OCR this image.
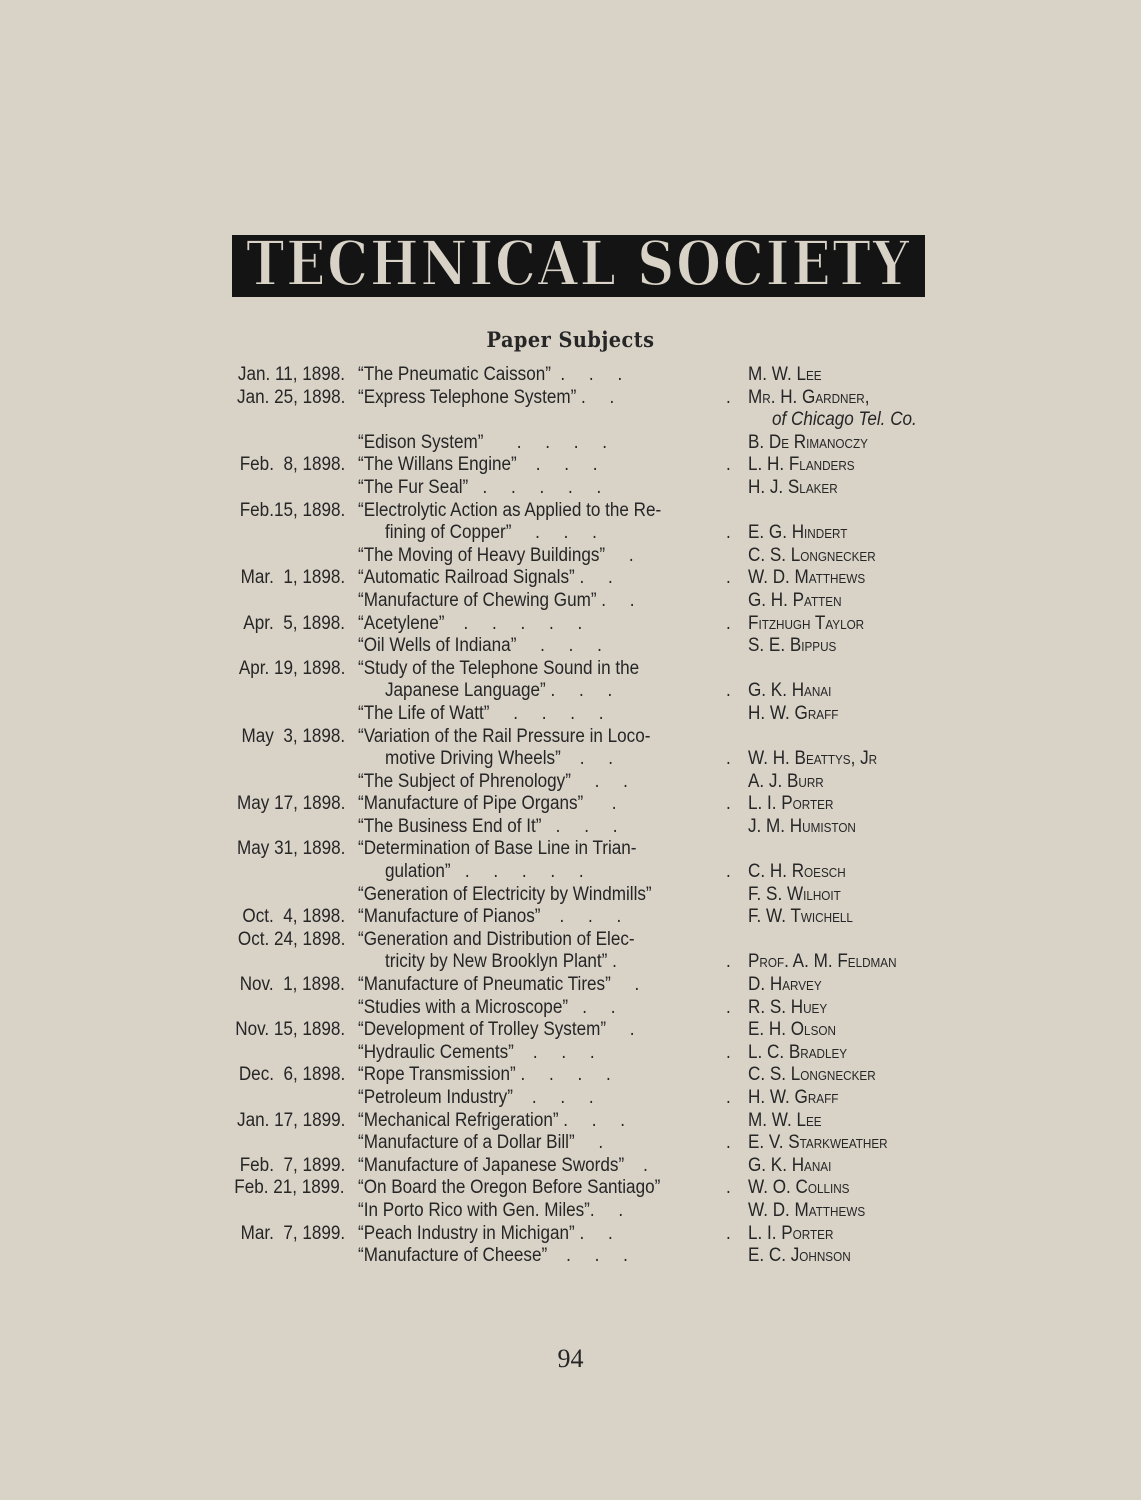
TECHNICAL SOCIETY
Paper Subjects
Jan. 11, 1898. “The Pneumatic Caisson”  .     .     .	M. W. Lee
Jan. 25, 1898. “Express Telephone System” .     .	. Mr. H. Gardner,
of Chicago Tel. Co.
“Edison System”       .     .     .     .	B. De Rimanoczy
Feb.  8, 1898. “The Willans Engine”    .     .     .	. L. H. Flanders
“The Fur Seal”   .     .     .     .     .	H. J. Slaker
Feb.15, 1898. “Electrolytic Action as Applied to the Re-
fining of Copper”     .     .     .	. E. G. Hindert
“The Moving of Heavy Buildings”     .	C. S. Longnecker
Mar.  1, 1898. “Automatic Railroad Signals” .     .	. W. D. Matthews
“Manufacture of Chewing Gum” .     .	G. H. Patten
Apr.  5, 1898. “Acetylene”    .     .     .     .     .	. Fitzhugh Taylor
“Oil Wells of Indiana”     .     .     .	S. E. Bippus
Apr. 19, 1898. “Study of the Telephone Sound in the
Japanese Language” .     .     .	. G. K. Hanai
“The Life of Watt”     .     .     .     .	H. W. Graff
May  3, 1898. “Variation of the Rail Pressure in Loco-
motive Driving Wheels”    .     .	. W. H. Beattys, Jr
“The Subject of Phrenology”     .     .	A. J. Burr
May 17, 1898. “Manufacture of Pipe Organs”      .	. L. I. Porter
“The Business End of It”   .     .     .	J. M. Humiston
May 31, 1898. “Determination of Base Line in Trian-
gulation”   .     .     .     .     .	. C. H. Roesch
“Generation of Electricity by Windmills”	F. S. Wilhoit
Oct.  4, 1898. “Manufacture of Pianos”    .     .     .	F. W. Twichell
Oct. 24, 1898. “Generation and Distribution of Elec-
tricity by New Brooklyn Plant” .	. Prof. A. M. Feldman
Nov.  1, 1898. “Manufacture of Pneumatic Tires”     .	D. Harvey
“Studies with a Microscope”   .     .	. R. S. Huey
Nov. 15, 1898. “Development of Trolley System”     .	E. H. Olson
“Hydraulic Cements”    .     .     .	. L. C. Bradley
Dec.  6, 1898. “Rope Transmission” .     .     .     .	C. S. Longnecker
“Petroleum Industry”    .     .     .	. H. W. Graff
Jan. 17, 1899. “Mechanical Refrigeration” .     .     .	M. W. Lee
“Manufacture of a Dollar Bill”     .	. E. V. Starkweather
Feb.  7, 1899. “Manufacture of Japanese Swords”    .	G. K. Hanai
Feb. 21, 1899. “On Board the Oregon Before Santiago”	. W. O. Collins
“In Porto Rico with Gen. Miles”.     .	W. D. Matthews
Mar.  7, 1899. “Peach Industry in Michigan” .     .	. L. I. Porter
“Manufacture of Cheese”    .     .     .	E. C. Johnson
94
